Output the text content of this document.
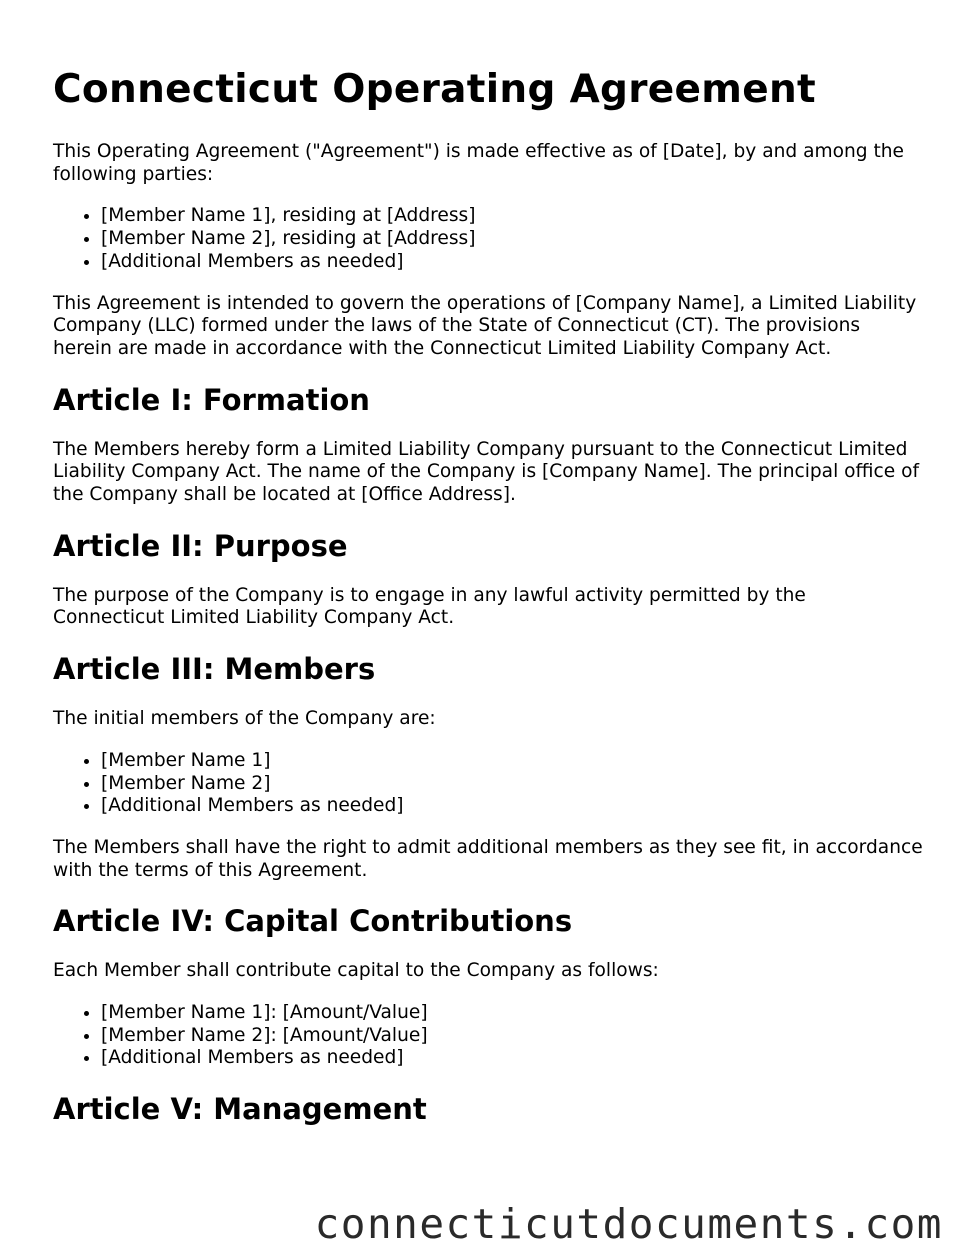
Connecticut Operating Agreement

This Operating Agreement ("Agreement") is made effective as of [Date], by and among the following parties:

• [Member Name 1], residing at [Address]
• [Member Name 2], residing at [Address]
• [Additional Members as needed]

This Agreement is intended to govern the operations of [Company Name], a Limited Liability Company (LLC) formed under the laws of the State of Connecticut (CT). The provisions herein are made in accordance with the Connecticut Limited Liability Company Act.

Article I: Formation

The Members hereby form a Limited Liability Company pursuant to the Connecticut Limited Liability Company Act. The name of the Company is [Company Name]. The principal office of the Company shall be located at [Office Address].

Article II: Purpose

The purpose of the Company is to engage in any lawful activity permitted by the Connecticut Limited Liability Company Act.

Article III: Members

The initial members of the Company are:

• [Member Name 1]
• [Member Name 2]
• [Additional Members as needed]

The Members shall have the right to admit additional members as they see fit, in accordance with the terms of this Agreement.

Article IV: Capital Contributions

Each Member shall contribute capital to the Company as follows:

• [Member Name 1]: [Amount/Value]
• [Member Name 2]: [Amount/Value]
• [Additional Members as needed]
Article V: Management
connecticutdocuments.com
